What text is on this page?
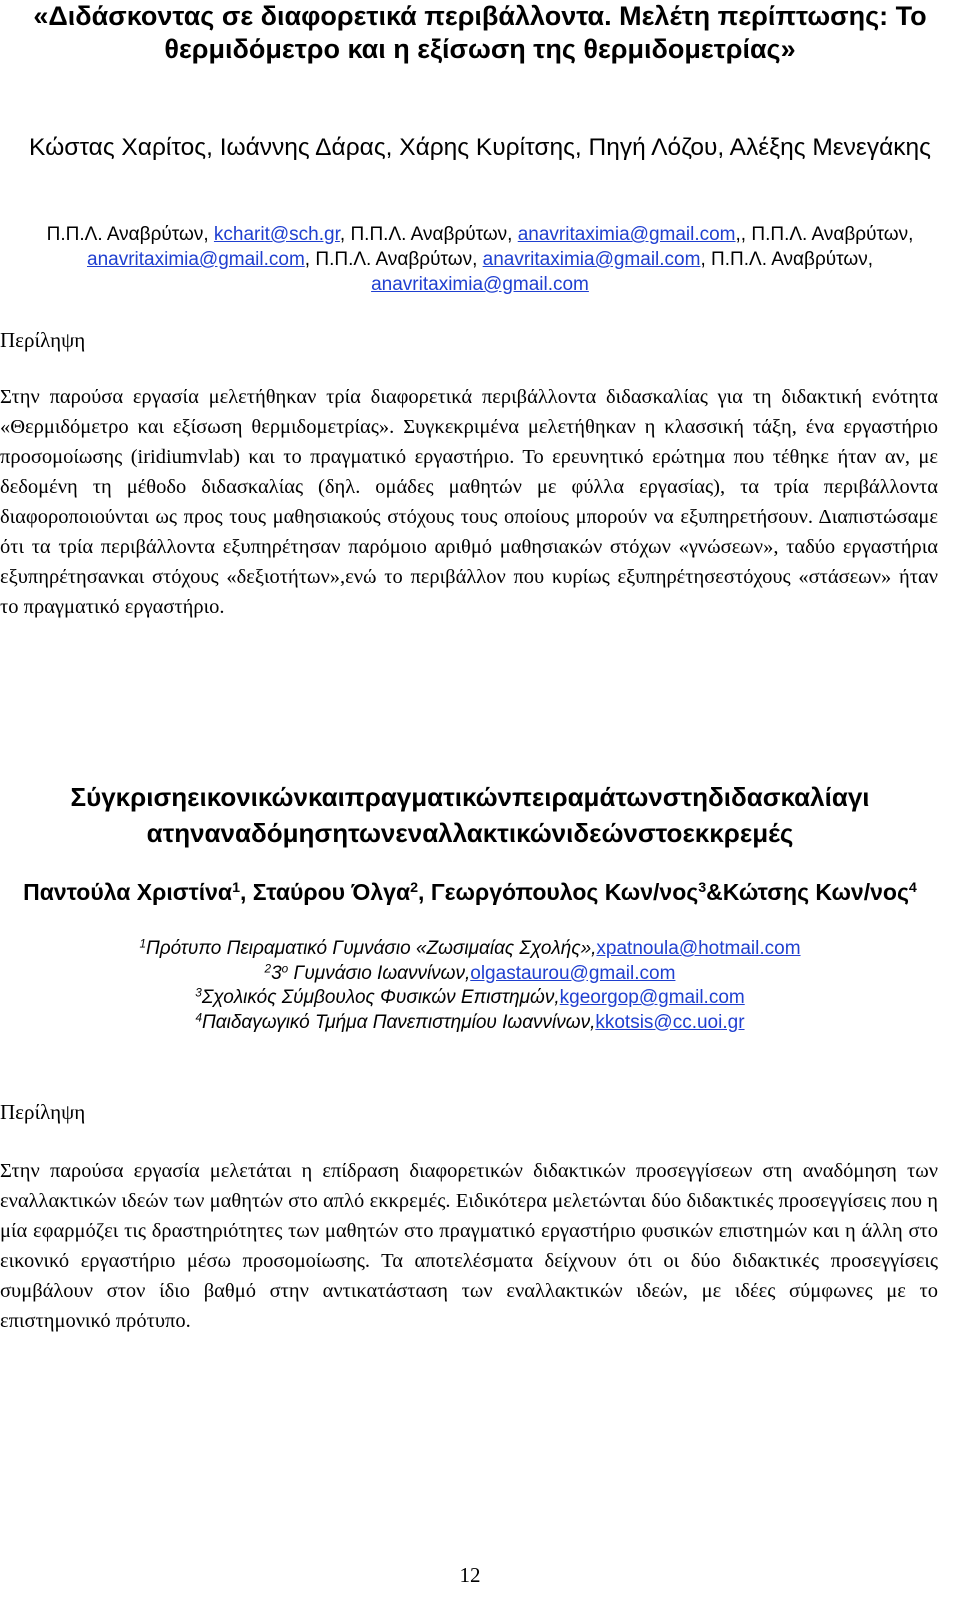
«Διδάσκοντας σε διαφορετικά περιβάλλοντα. Μελέτη περίπτωσης: Το θερμιδόμετρο και η εξίσωση της θερμιδομετρίας»
Κώστας Χαρίτος, Ιωάννης Δάρας, Χάρης Κυρίτσης, Πηγή Λόζου, Αλέξης Μενεγάκης
Π.Π.Λ. Αναβρύτων, kcharit@sch.gr, Π.Π.Λ. Αναβρύτων, anavritaximia@gmail.com,, Π.Π.Λ. Αναβρύτων, anavritaximia@gmail.com, Π.Π.Λ. Αναβρύτων, anavritaximia@gmail.com, Π.Π.Λ. Αναβρύτων, anavritaximia@gmail.com
Περίληψη
Στην παρούσα εργασία μελετήθηκαν τρία διαφορετικά περιβάλλοντα διδασκαλίας για τη διδακτική ενότητα «Θερμιδόμετρο και εξίσωση θερμιδομετρίας». Συγκεκριμένα μελετήθηκαν η κλασσική τάξη, ένα εργαστήριο προσομοίωσης (iridiumvlab) και το πραγματικό εργαστήριο. Το ερευνητικό ερώτημα που τέθηκε ήταν αν, με δεδομένη τη μέθοδο διδασκαλίας (δηλ. ομάδες μαθητών με φύλλα εργασίας), τα τρία περιβάλλοντα διαφοροποιούνται ως προς τους μαθησιακούς στόχους τους οποίους μπορούν να εξυπηρετήσουν. Διαπιστώσαμε ότι τα τρία περιβάλλοντα εξυπηρέτησαν παρόμοιο αριθμό μαθησιακών στόχων «γνώσεων», ταδύο εργαστήρια εξυπηρέτησανκαι στόχους «δεξιοτήτων»,ενώ το περιβάλλον που κυρίως εξυπηρέτησεστόχους «στάσεων» ήταν το πραγματικό εργαστήριο.
Σύγκρισηεικονικώνκαιπραγματικώνπειραμάτωνστηδιδασκαλίαγι
ατηναναδόμησητωνεναλλακτικώνιδεώνστοεκκρεμές
Παντούλα Χριστίνα$^1$, Σταύρου Όλγα$^2$, Γεωργόπουλος Κων/νος$^3$&Κώτσης Κων/νος$^4$
$^1$Πρότυπο Πειραματικό Γυμνάσιο «Ζωσιμαίας Σχολής»,xpatnoula@hotmail.com
$^23^o$ Γυμνάσιο Ιωαννίνων,olgastaurou@gmail.com
$^3$Σχολικός Σύμβουλος Φυσικών Επιστημών,kgeorgop@gmail.com
$^4$Παιδαγωγικό Τμήμα Πανεπιστημίου Ιωαννίνων,kkotsis@cc.uoi.gr
Περίληψη
Στην παρούσα εργασία μελετάται η επίδραση διαφορετικών διδακτικών προσεγγίσεων στη αναδόμηση των εναλλακτικών ιδεών των μαθητών στο απλό εκκρεμές. Ειδικότερα μελετώνται δύο διδακτικές προσεγγίσεις που η μία εφαρμόζει τις δραστηριότητες των μαθητών στο πραγματικό εργαστήριο φυσικών επιστημών και η άλλη στο εικονικό εργαστήριο μέσω προσομοίωσης. Τα αποτελέσματα δείχνουν ότι οι δύο διδακτικές προσεγγίσεις συμβάλουν στον ίδιο βαθμό στην αντικατάσταση των εναλλακτικών ιδεών, με ιδέες σύμφωνες με το επιστημονικό πρότυπο.
12
